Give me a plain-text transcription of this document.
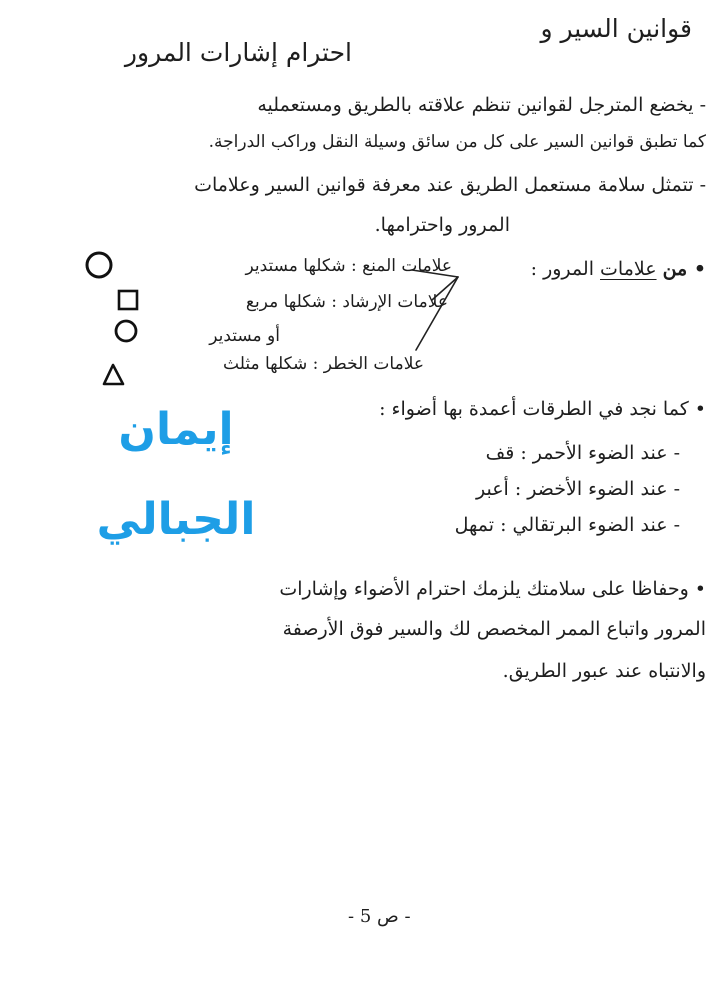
قوانين السير و
احترام إشارات المرور
- يخضع المترجل لقوانين تنظم علاقته بالطريق ومستعمليه
كما تطبق قوانين السير على كل من سائق وسيلة النقل وراكب الدراجة.
- تتمثل سلامة مستعمل الطريق عند معرفة قوانين السير وعلامات
المرور واحترامها.
• من علامات المرور :
علامات المنع : شكلها مستدير
علامات الإرشاد : شكلها مربع
أو مستدير
علامات الخطر : شكلها مثلث
• كما نجد في الطرقات أعمدة بها أضواء :
- عند الضوء الأحمر : قف
- عند الضوء الأخضر : أعبر
- عند الضوء البرتقالي : تمهل
إيمان
الجبالي
• وحفاظا على سلامتك يلزمك احترام الأضواء وإشارات
المرور واتباع الممر المخصص لك والسير فوق الأرصفة
والانتباه عند عبور الطريق.
- ص 5 -
